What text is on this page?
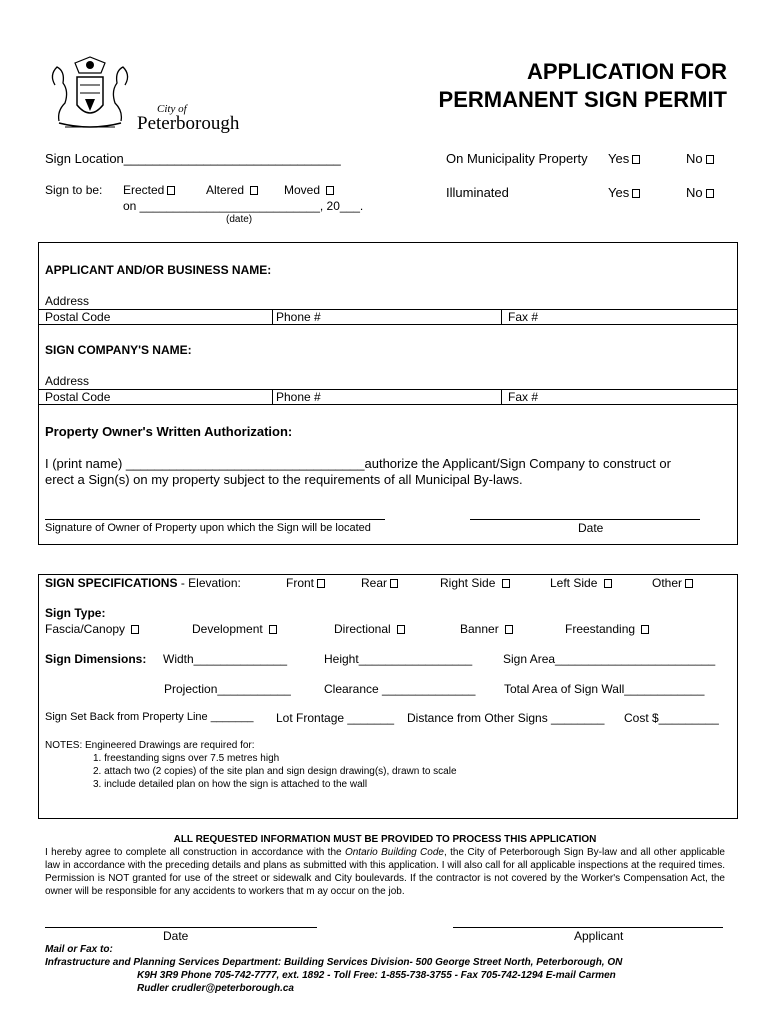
City of
Peterborough
APPLICATION FOR
PERMANENT SIGN PERMIT
Sign Location______________________________	On Municipality Property Yes	No
Sign to be: Erected	Altered	Moved
on ___________________________, 20___.
(date)
Illuminated	Yes	No
APPLICANT AND/OR BUSINESS NAME:
Address
Postal Code	Phone #	Fax #
SIGN COMPANY'S NAME:
Address
Postal Code	Phone #	Fax #
Property Owner's Written Authorization:
I (print name) _________________________________authorize the Applicant/Sign Company to construct or
erect a Sign(s) on my property subject to the requirements of all Municipal By-laws.
Signature of Owner of Property upon which the Sign will be located	Date
SIGN SPECIFICATIONS - Elevation:	Front	Rear	Right Side	Left Side	Other
Sign Type:
Fascia/Canopy	Development	Directional	Banner	Freestanding
Sign Dimensions: Width______________	Height_________________	Sign Area________________________
Projection___________	Clearance ______________ Total Area of Sign Wall____________
Sign Set Back from Property Line _______ Lot Frontage _______ Distance from Other Signs ________ Cost $_________
NOTES: Engineered Drawings are required for:
1. freestanding signs over 7.5 metres high
2. attach two (2 copies) of the site plan and sign design drawing(s), drawn to scale
3. include detailed plan on how the sign is attached to the wall
ALL REQUESTED INFORMATION MUST BE PROVIDED TO PROCESS THIS APPLICATION
I hereby agree to complete all construction in accordance with the Ontario Building Code, the City of Peterborough Sign By-law and all other applicable law in accordance with the preceding details and plans as submitted with this application. I will also call for all applicable inspections at the required times. Permission is NOT granted for use of the street or sidewalk and City boulevards. If the contractor is not covered by the Worker's Compensation Act, the owner will be responsible for any accidents to workers that m ay occur on the job.
Date	Applicant
Mail or Fax to:
Infrastructure and Planning Services Department: Building Services Division- 500 George Street North, Peterborough, ON
K9H 3R9 Phone 705-742-7777, ext. 1892 - Toll Free: 1-855-738-3755 - Fax 705-742-1294 E-mail Carmen
Rudler crudler@peterborough.ca
